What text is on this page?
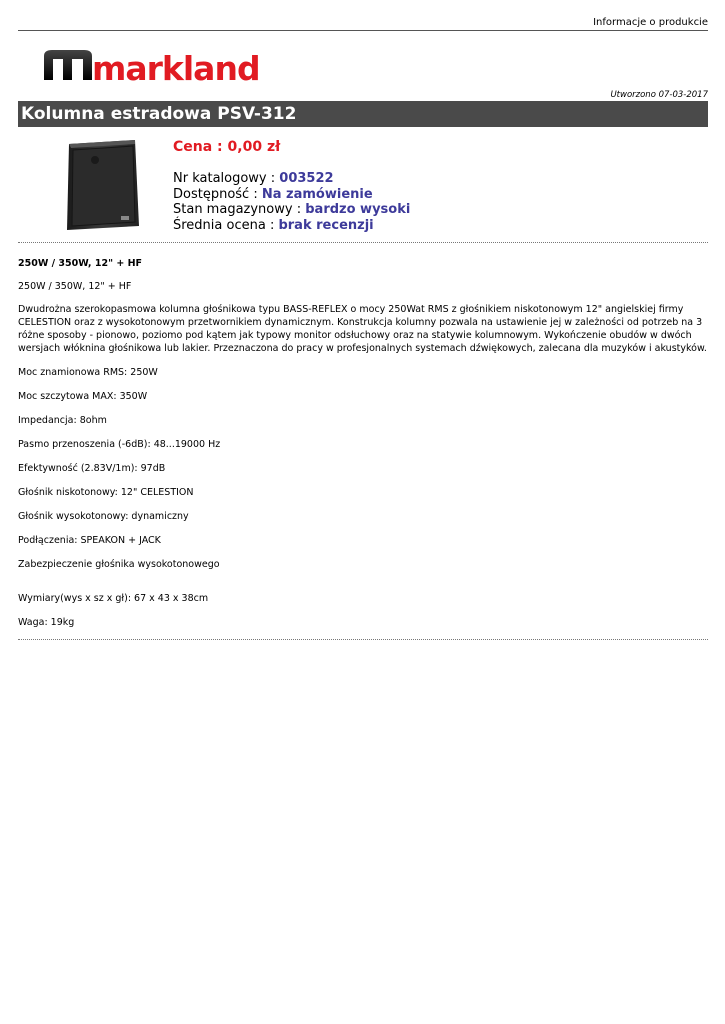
Informacje o produkcie
markland
Utworzono 07-03-2017
Kolumna estradowa PSV-312
Cena : 0,00 zł
Nr katalogowy : 003522
Dostępność : Na zamówienie
Stan magazynowy : bardzo wysoki
Średnia ocena : brak recenzji

250W / 350W, 12" + HF

250W / 350W, 12" + HF

Dwudrożna szerokopasmowa kolumna głośnikowa typu BASS-REFLEX o mocy 250Wat RMS z głośnikiem niskotonowym 12" angielskiej firmy CELESTION oraz z wysokotonowym przetwornikiem dynamicznym. Konstrukcja kolumny pozwala na ustawienie jej w zależności od potrzeb na 3 różne sposoby - pionowo, poziomo pod kątem jak typowy monitor odsłuchowy oraz na statywie kolumnowym. Wykończenie obudów w dwóch wersjach włóknina głośnikowa lub lakier. Przeznaczona do pracy w profesjonalnych systemach dźwiękowych, zalecana dla muzyków i akustyków.

Moc znamionowa RMS: 250W

Moc szczytowa MAX: 350W

Impedancja: 8ohm

Pasmo przenoszenia (-6dB): 48...19000 Hz

Efektywność (2.83V/1m): 97dB

Głośnik niskotonowy: 12" CELESTION

Głośnik wysokotonowy: dynamiczny

Podłączenia: SPEAKON + JACK

Zabezpieczenie głośnika wysokotonowego

Wymiary(wys x sz x gł): 67 x 43 x 38cm

Waga: 19kg
